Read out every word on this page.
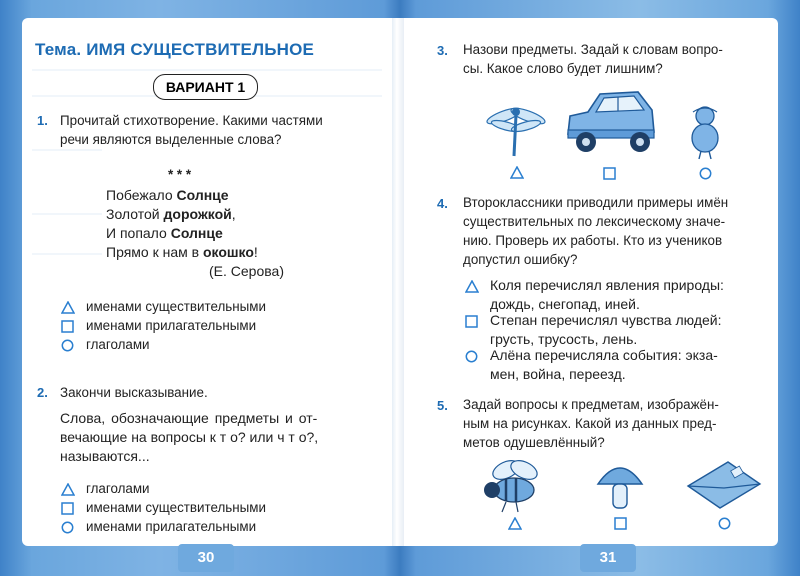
Тема. ИМЯ СУЩЕСТВИТЕЛЬНОЕ
ВАРИАНТ 1
1. Прочитай стихотворение. Какими частями
речи являются выделенные слова?
* * *
Побежало Солнце
Золотой дорожкой,
И попало Солнце
Прямо к нам в окошко!
(Е. Серова)
именами существительными
именами прилагательными
глаголами
2. Закончи высказывание.
Слова, обозначающие предметы и от-
вечающие на вопросы к т о? или ч т о?,
называются...
глаголами
именами существительными
именами прилагательными
30
3. Назови предметы. Задай к словам вопро-
сы. Какое слово будет лишним?
4. Второклассники приводили примеры имён
существительных по лексическому значе-
нию. Проверь их работы. Кто из учеников
допустил ошибку?
Коля перечислял явления природы:
дождь, снегопад, иней.
Степан перечислял чувства людей:
грусть, трусость, лень.
Алёна перечисляла события: экза-
мен, война, переезд.
5. Задай вопросы к предметам, изображён-
ным на рисунках. Какой из данных пред-
метов одушевлённый?
31
